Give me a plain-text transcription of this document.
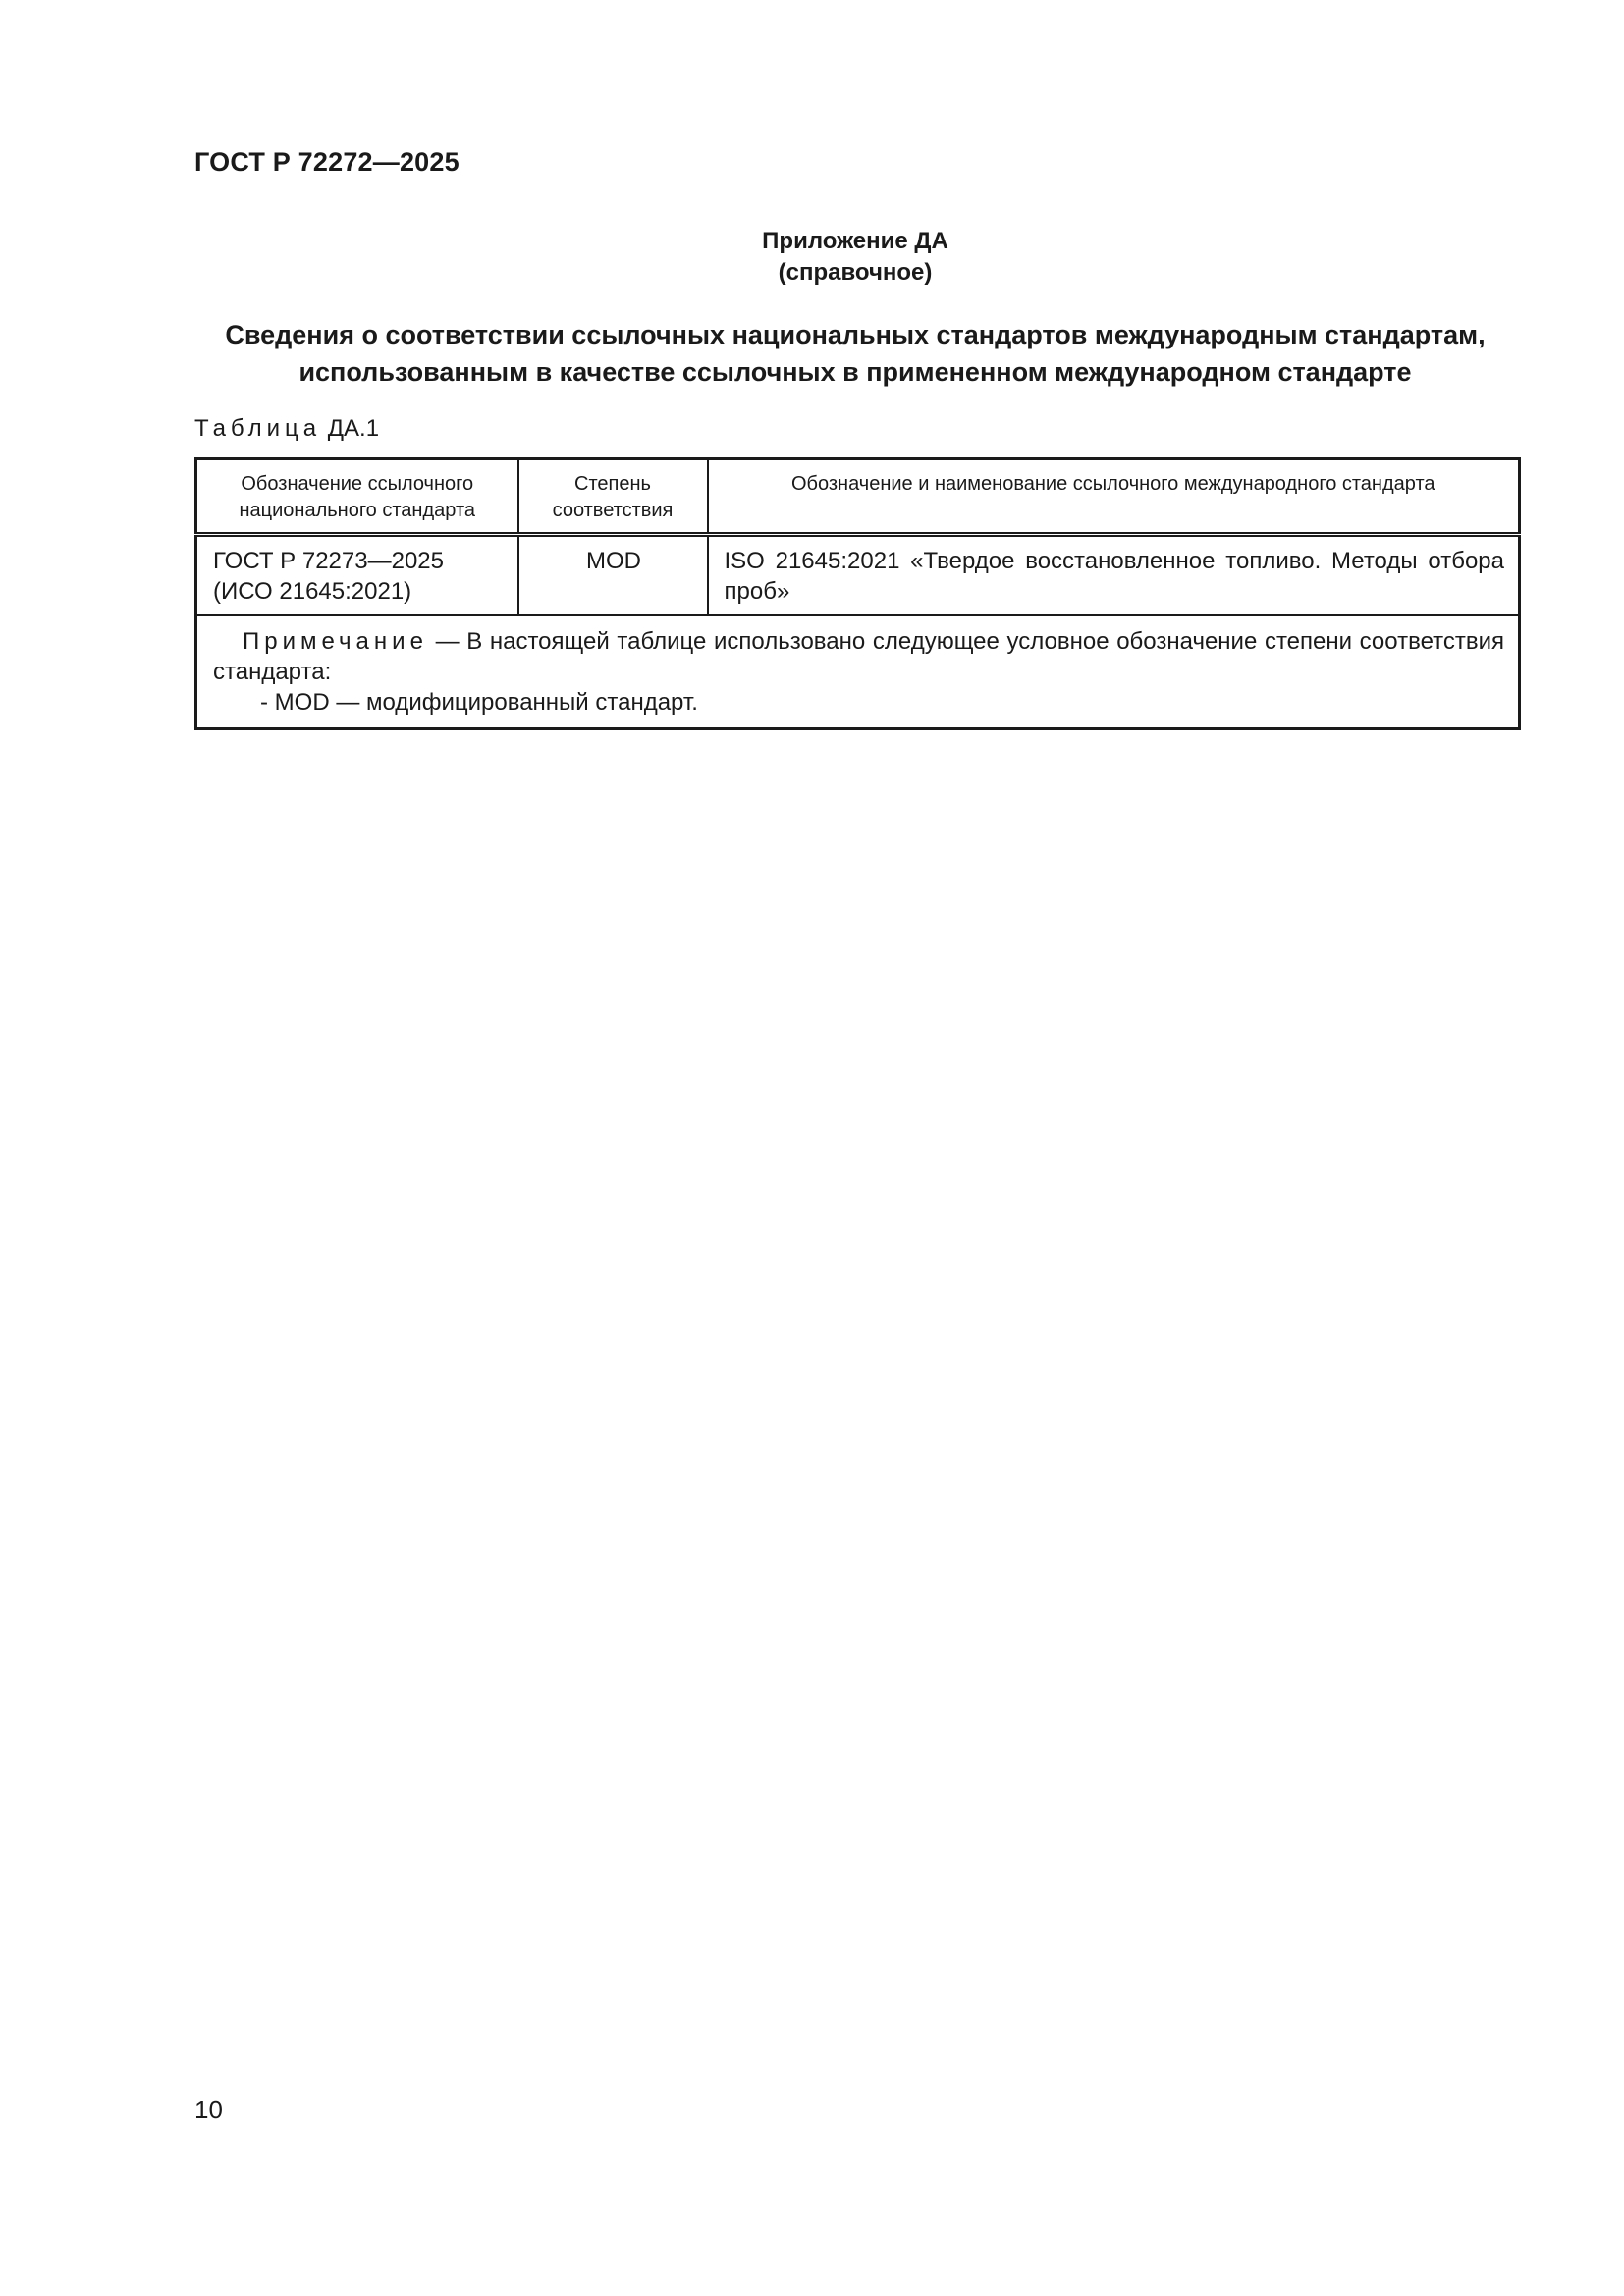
ГОСТ Р 72272—2025
Приложение ДА
(справочное)
Сведения о соответствии ссылочных национальных стандартов международным стандартам,
использованным в качестве ссылочных в примененном международном стандарте
Таблица ДА.1
Обозначение ссылочного национального стандарта	Степень соответствия	Обозначение и наименование ссылочного международного стандарта

ГОСТ Р 72273—2025
(ИСО 21645:2021)	MOD	ISO 21645:2021 «Твердое восстановленное топливо. Методы отбора проб»

Примечание — В настоящей таблице использовано следующее условное обозначение степени соответствия стандарта:
- MOD — модифицированный стандарт.		
10
